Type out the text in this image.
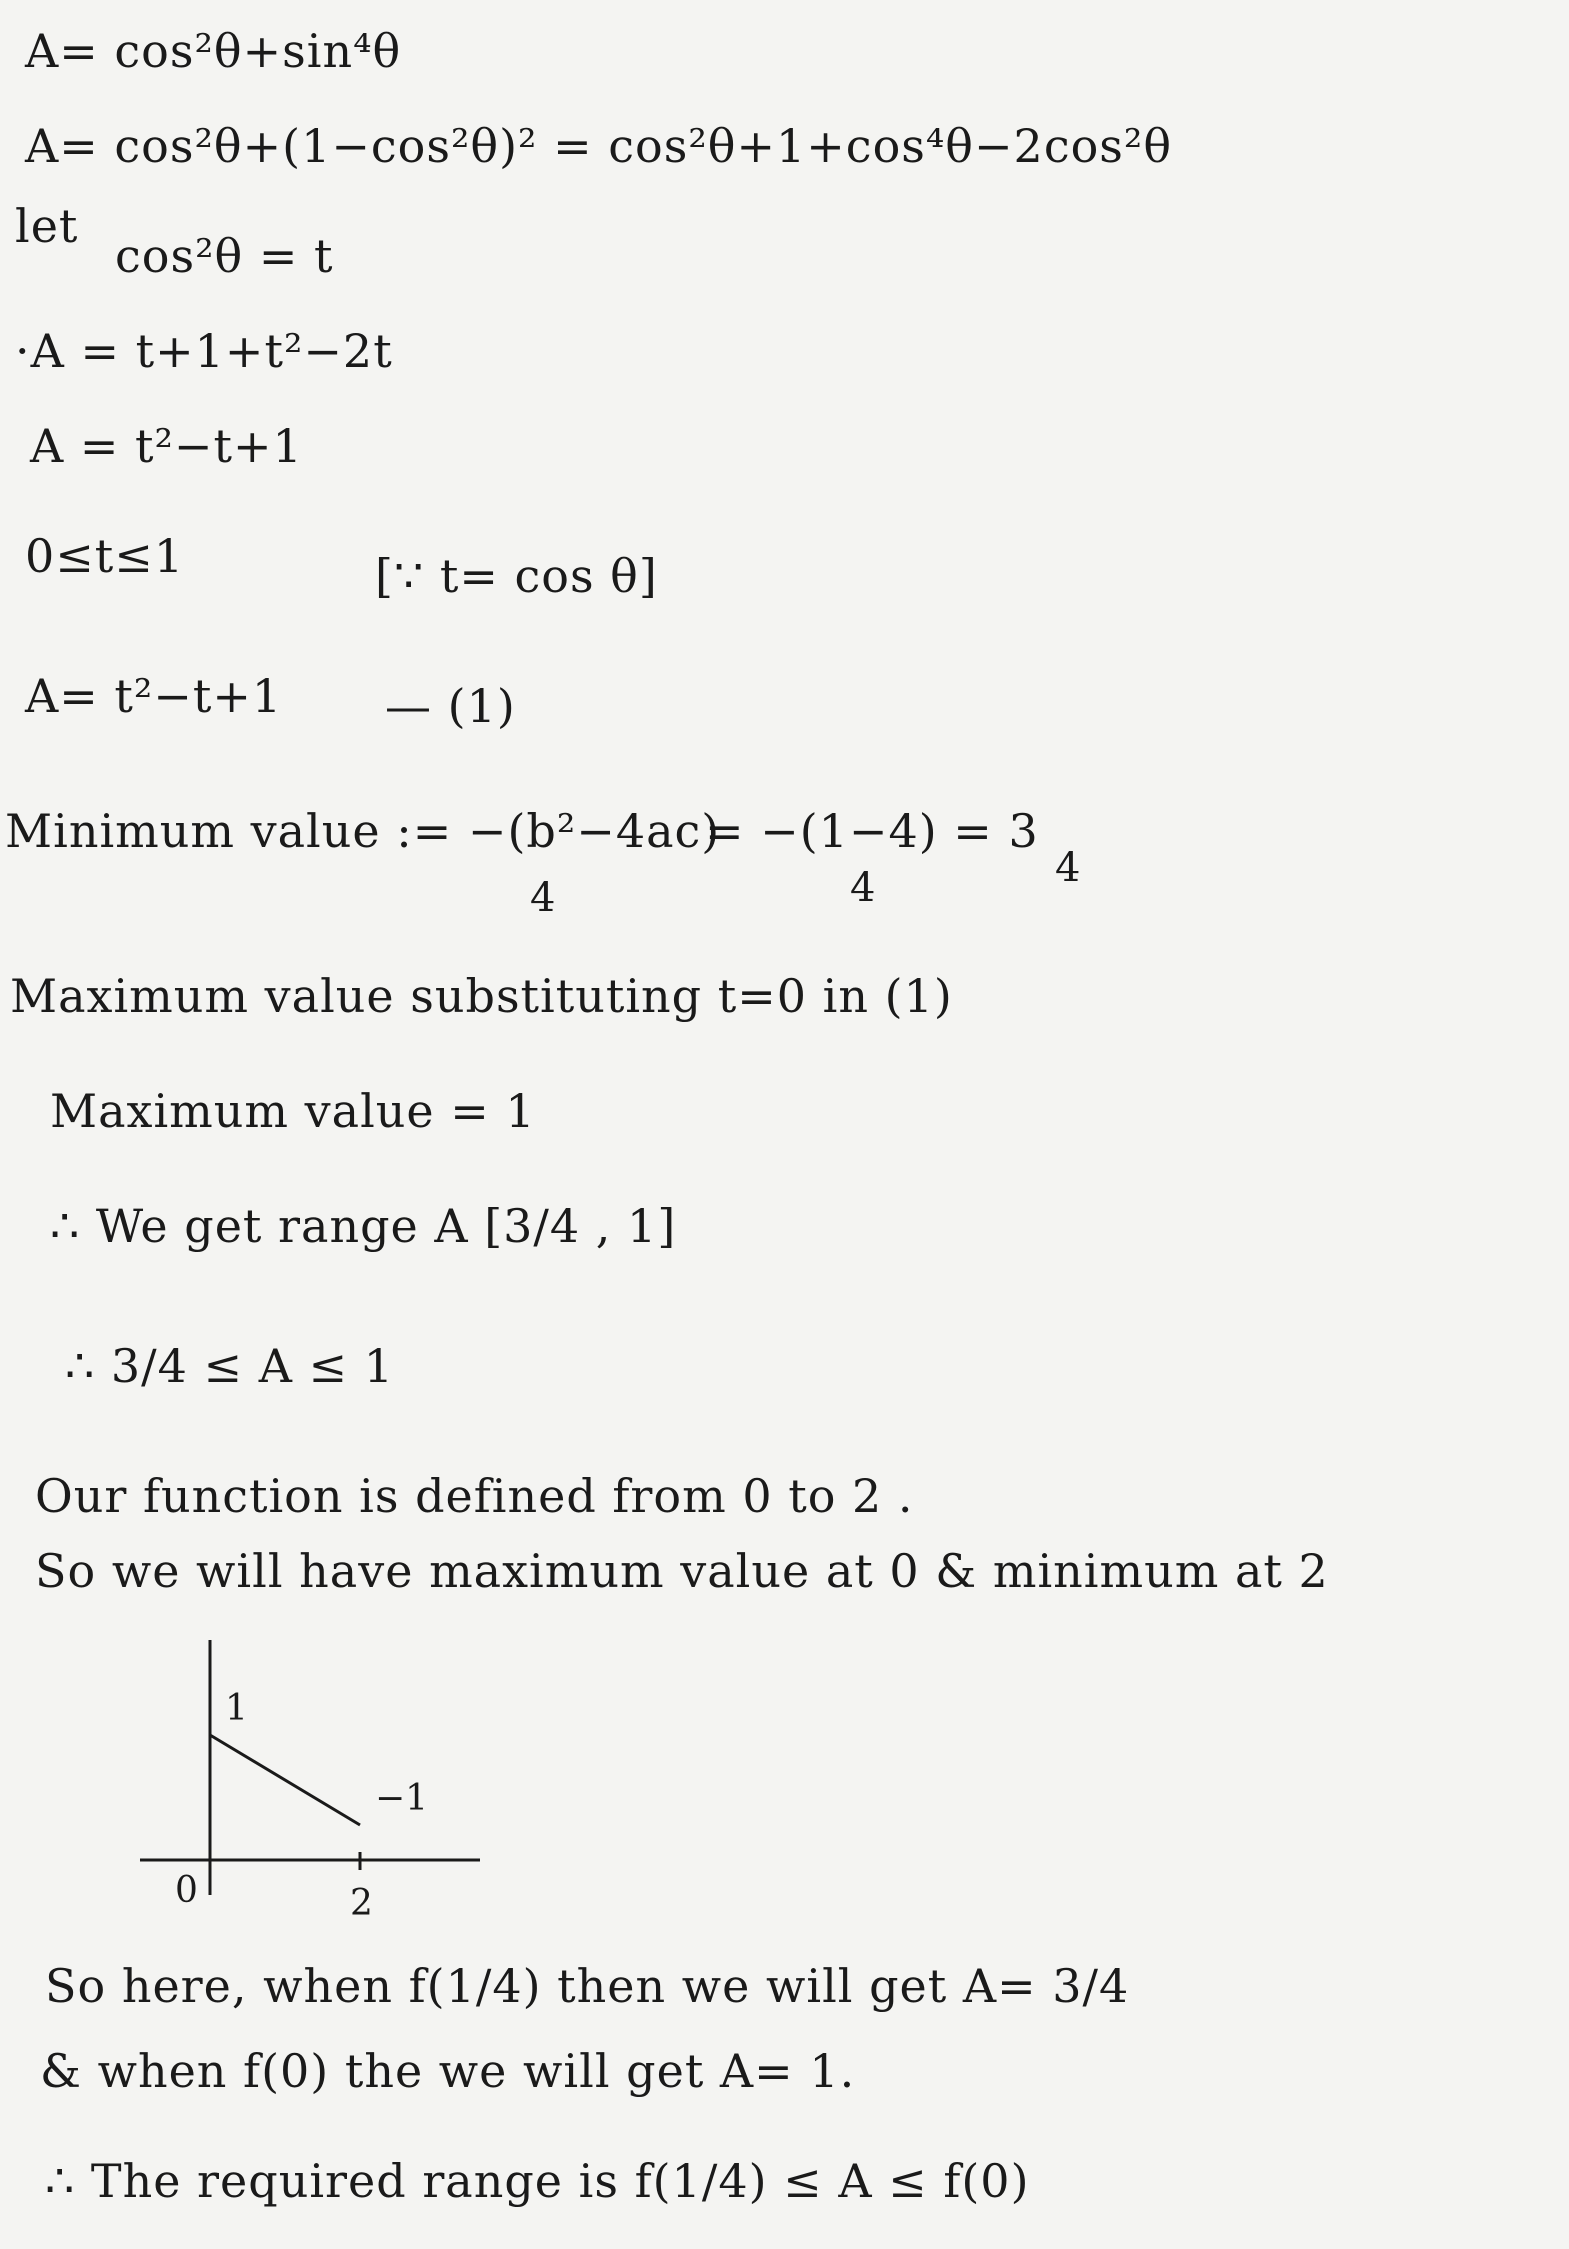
A= cos²θ+sin⁴θ
A= cos²θ+(1−cos²θ)² = cos²θ+1+cos⁴θ−2cos²θ
let
cos²θ = t
·A = t+1+t²−2t
A = t²−t+1
0≤t≤1	[∵ t= cos θ]
A= t²−t+1 — (1)
Minimum value := −(b²−4ac)
4
= −(1−4) = 3
4	4
Maximum value substituting t=0 in (1)
Maximum value = 1
∴ We get range A [3/4 , 1]
∴ 3/4 ≤ A ≤ 1
Our function is defined from 0 to 2 .
So we will have maximum value at 0 & minimum at 2
1
−1
0	2
So here, when f(1/4) then we will get A= 3/4
& when f(0) the we will get A= 1.
∴ The required range is f(1/4) ≤ A ≤ f(0)
